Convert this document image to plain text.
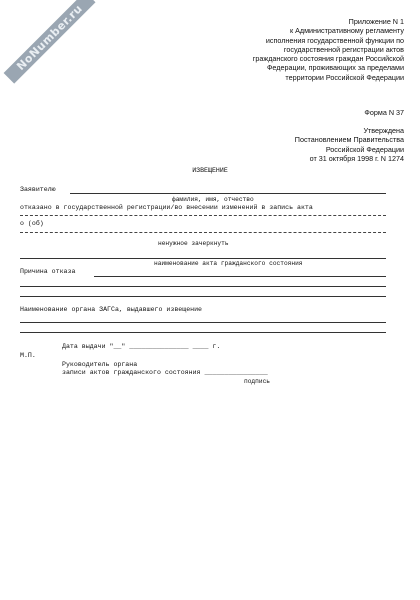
NoNumber.ru	Приложение N 1
к Административному регламенту
исполнения государственной функции по
государственной регистрации актов
гражданского состояния граждан Российской
Федерации, проживающих за пределами
территории Российской Федерации
Форма N 37
Утверждена
Постановлением Правительства
Российской Федерации
от 31 октября 1998 г. N 1274
ИЗВЕЩЕНИЕ
Заявителю
фамилия, имя, отчество
отказано в государственной регистрации/во внесении изменений в запись акта
о (об)
ненужное зачеркнуть
наименование акта гражданского состояния
Причина отказа
Наименование органа ЗАГСа, выдавшего извещение
Дата выдачи "__" _______________ ____ г.
М.П.
Руководитель органа
записи актов гражданского состояния ________________
подпись
